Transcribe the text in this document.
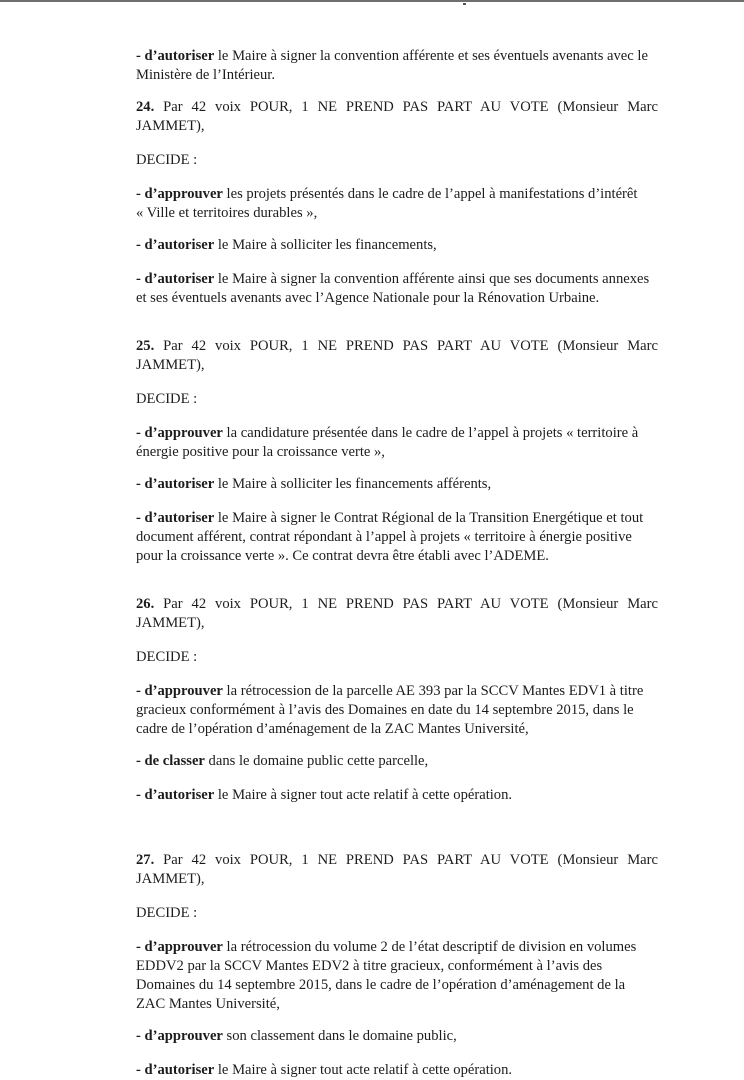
- d’autoriser le Maire à signer la convention afférente et ses éventuels avenants avec le
Ministère de l’Intérieur.
24. Par 42 voix POUR, 1 NE PREND PAS PART AU VOTE (Monsieur Marc JAMMET),
DECIDE :
- d’approuver les projets présentés dans le cadre de l’appel à manifestations d’intérêt
« Ville et territoires durables »,
- d’autoriser le Maire à solliciter les financements,
- d’autoriser le Maire à signer la convention afférente ainsi que ses documents annexes
et ses éventuels avenants avec l’Agence Nationale pour la Rénovation Urbaine.
25. Par 42 voix POUR, 1 NE PREND PAS PART AU VOTE (Monsieur Marc JAMMET),
DECIDE :
- d’approuver la candidature présentée dans le cadre de l’appel à projets « territoire à
énergie positive pour la croissance verte »,
- d’autoriser le Maire à solliciter les financements afférents,
- d’autoriser le Maire à signer le Contrat Régional de la Transition Energétique et tout
document afférent, contrat répondant à l’appel à projets « territoire à énergie positive
pour la croissance verte ». Ce contrat devra être établi avec l’ADEME.
26. Par 42 voix POUR, 1 NE PREND PAS PART AU VOTE (Monsieur Marc JAMMET),
DECIDE :
- d’approuver la rétrocession de la parcelle AE 393 par la SCCV Mantes EDV1 à titre
gracieux conformément à l’avis des Domaines en date du 14 septembre 2015, dans le
cadre de l’opération d’aménagement de la ZAC Mantes Université,
- de classer dans le domaine public cette parcelle,
- d’autoriser le Maire à signer tout acte relatif à cette opération.
27. Par 42 voix POUR, 1 NE PREND PAS PART AU VOTE (Monsieur Marc JAMMET),
DECIDE :
- d’approuver la rétrocession du volume 2 de l’état descriptif de division en volumes
EDDV2 par la SCCV Mantes EDV2 à titre gracieux, conformément à l’avis des
Domaines du 14 septembre 2015, dans le cadre de l’opération d’aménagement de la
ZAC Mantes Université,
- d’approuver son classement dans le domaine public,
- d’autoriser le Maire à signer tout acte relatif à cette opération.
